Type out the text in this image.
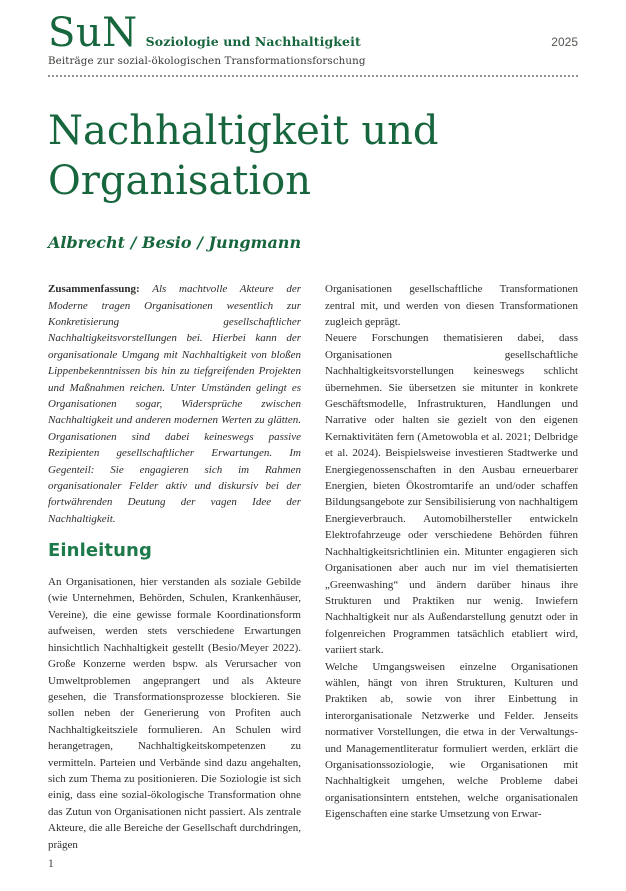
SuN Soziologie und Nachhaltigkeit
Beiträge zur sozial-ökologischen Transformationsforschung
2025
Nachhaltigkeit und Organisation
Albrecht / Besio / Jungmann

Zusammenfassung: Als machtvolle Akteure der Moderne tragen Organisationen wesentlich zur Konkretisierung gesellschaftlicher Nachhaltigkeitsvorstellungen bei. Hierbei kann der organisationale Umgang mit Nachhaltigkeit von bloßen Lippenbekenntnissen bis hin zu tiefgreifenden Projekten und Maßnahmen reichen. Unter Umständen gelingt es Organisationen sogar, Widersprüche zwischen Nachhaltigkeit und anderen modernen Werten zu glätten. Organisationen sind dabei keineswegs passive Rezipienten gesellschaftlicher Erwartungen. Im Gegenteil: Sie engagieren sich im Rahmen organisationaler Felder aktiv und diskursiv bei der fortwährenden Deutung der vagen Idee der Nachhaltigkeit.

Einleitung

An Organisationen, hier verstanden als soziale Gebilde (wie Unternehmen, Behörden, Schulen, Krankenhäuser, Vereine), die eine gewisse formale Koordinationsform aufweisen, werden stets verschiedene Erwartungen hinsichtlich Nachhaltigkeit gestellt (Besio/Meyer 2022). Große Konzerne werden bspw. als Verursacher von Umweltproblemen angeprangert und als Akteure gesehen, die Transformationsprozesse blockieren. Sie sollen neben der Generierung von Profiten auch Nachhaltigkeitsziele formulieren. An Schulen wird herangetragen, Nachhaltigkeitskompetenzen zu vermitteln. Parteien und Verbände sind dazu angehalten, sich zum Thema zu positionieren. Die Soziologie ist sich einig, dass eine sozial-ökologische Transformation ohne das Zutun von Organisationen nicht passiert. Als zentrale Akteure, die alle Bereiche der Gesellschaft durchdringen, prägen

Organisationen gesellschaftliche Transformationen zentral mit, und werden von diesen Transformationen zugleich geprägt.

Neuere Forschungen thematisieren dabei, dass Organisationen gesellschaftliche Nachhaltigkeitsvorstellungen keineswegs schlicht übernehmen. Sie übersetzen sie mitunter in konkrete Geschäftsmodelle, Infrastrukturen, Handlungen und Narrative oder halten sie gezielt von den eigenen Kernaktivitäten fern (Ametowobla et al. 2021; Delbridge et al. 2024). Beispielsweise investieren Stadtwerke und Energiegenossenschaften in den Ausbau erneuerbarer Energien, bieten Ökostromtarife an und/oder schaffen Bildungsangebote zur Sensibilisierung von nachhaltigem Energieverbrauch. Automobilhersteller entwickeln Elektrofahrzeuge oder verschiedene Behörden führen Nachhaltigkeitsrichtlinien ein. Mitunter engagieren sich Organisationen aber auch nur im viel thematisierten „Greenwashing“ und ändern darüber hinaus ihre Strukturen und Praktiken nur wenig. Inwiefern Nachhaltigkeit nur als Außendarstellung genutzt oder in folgenreichen Programmen tatsächlich etabliert wird, variiert stark.

Welche Umgangsweisen einzelne Organisationen wählen, hängt von ihren Strukturen, Kulturen und Praktiken ab, sowie von ihrer Einbettung in interorganisationale Netzwerke und Felder. Jenseits normativer Vorstellungen, die etwa in der Verwaltungs- und Managementliteratur formuliert werden, erklärt die Organisationssoziologie, wie Organisationen mit Nachhaltigkeit umgehen, welche Probleme dabei organisationsintern entstehen, welche organisationalen Eigenschaften eine starke Umsetzung von Erwar-

1
